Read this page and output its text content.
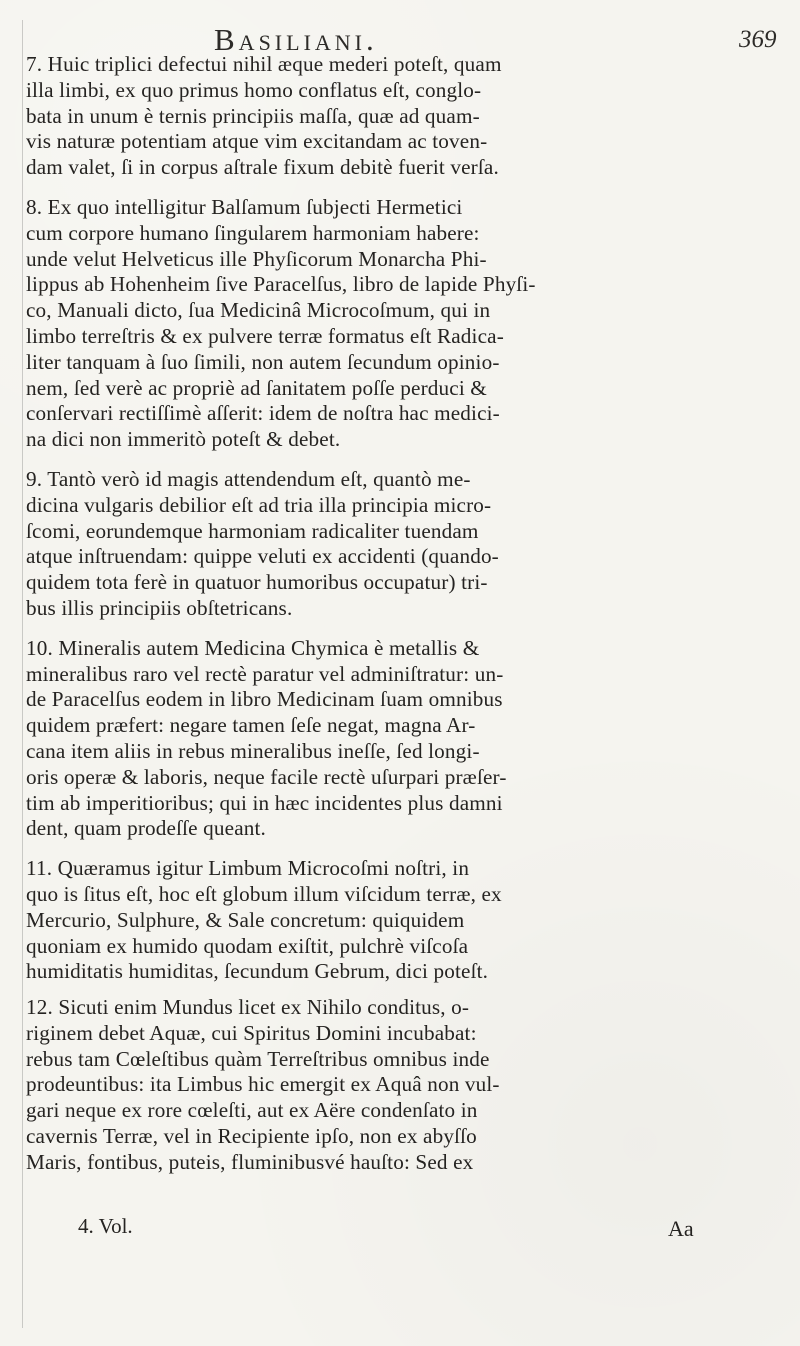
Basiliani.	369
7. Huic triplici defectui nihil æque mederi poteſt, quam
illa limbi, ex quo primus homo conflatus eſt, conglo-
bata in unum è ternis principiis maſſa, quæ ad quam-
vis naturæ potentiam atque vim excitandam ac toven-
dam valet, ſi in corpus aſtrale fixum debitè fuerit verſa.
8. Ex quo intelligitur Balſamum ſubjecti Hermetici
cum corpore humano ſingularem harmoniam habere:
unde velut Helveticus ille Phyſicorum Monarcha Phi-
lippus ab Hohenheim ſive Paracelſus, libro de lapide Phyſi-
co, Manuali dicto, ſua Medicinâ Microcoſmum, qui in
limbo terreſtris & ex pulvere terræ formatus eſt Radica-
liter tanquam à ſuo ſimili, non autem ſecundum opinio-
nem, ſed verè ac propriè ad ſanitatem poſſe perduci &
conſervari rectiſſimè aſſerit: idem de noſtra hac medici-
na dici non immeritò poteſt & debet.
9. Tantò verò id magis attendendum eſt, quantò me-
dicina vulgaris debilior eſt ad tria illa principia micro-
ſcomi, eorundemque harmoniam radicaliter tuendam
atque inſtruendam: quippe veluti ex accidenti (quando-
quidem tota ferè in quatuor humoribus occupatur) tri-
bus illis principiis obſtetricans.
10. Mineralis autem Medicina Chymica è metallis &
mineralibus raro vel rectè paratur vel adminiſtratur: un-
de Paracelſus eodem in libro Medicinam ſuam omnibus
quidem præfert: negare tamen ſeſe negat, magna Ar-
cana item aliis in rebus mineralibus ineſſe, ſed longi-
oris operæ & laboris, neque facile rectè uſurpari præſer-
tim ab imperitioribus; qui in hæc incidentes plus damni
dent, quam prodeſſe queant.
11. Quæramus igitur Limbum Microcoſmi noſtri, in
quo is ſitus eſt, hoc eſt globum illum viſcidum terræ, ex
Mercurio, Sulphure, & Sale concretum: quiquidem
quoniam ex humido quodam exiſtit, pulchrè viſcoſa
humiditatis humiditas, ſecundum Gebrum, dici poteſt.
12. Sicuti enim Mundus licet ex Nihilo conditus, o-
riginem debet Aquæ, cui Spiritus Domini incubabat:
rebus tam Cœleſtibus quàm Terreſtribus omnibus inde
prodeuntibus: ita Limbus hic emergit ex Aquâ non vul-
gari neque ex rore cœleſti, aut ex Aëre condenſato in
cavernis Terræ, vel in Recipiente ipſo, non ex abyſſo
Maris, fontibus, puteis, fluminibusvé hauſto: Sed ex
4. Vol.	Aa
